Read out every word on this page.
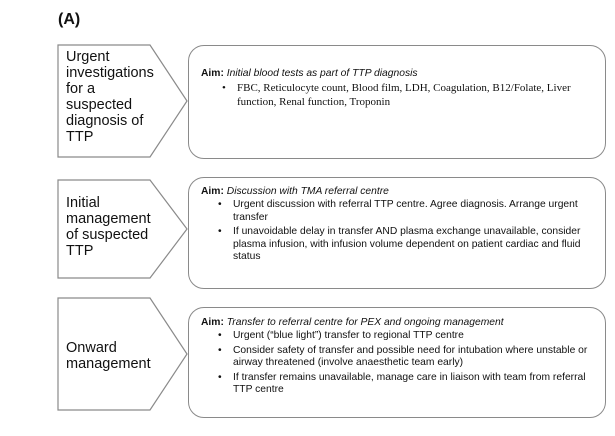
(A)
Urgent
investigations
for a
suspected
diagnosis of
TTP

Aim: Initial blood tests as part of TTP diagnosis

• FBC, Reticulocyte count, Blood film, LDH, Coagulation, B12/Folate, Liver function, Renal function, Troponin
Initial
management
of suspected
TTP

Aim: Discussion with TMA referral centre

• Urgent discussion with referral TTP centre. Agree diagnosis. Arrange urgent transfer
• If unavoidable delay in transfer AND plasma exchange unavailable, consider plasma infusion, with infusion volume dependent on patient cardiac and fluid status
Onward
management

Aim: Transfer to referral centre for PEX and ongoing management

• Urgent (“blue light”) transfer to regional TTP centre
• Consider safety of transfer and possible need for intubation where unstable or airway threatened (involve anaesthetic team early)
• If transfer remains unavailable, manage care in liaison with team from referral TTP centre
